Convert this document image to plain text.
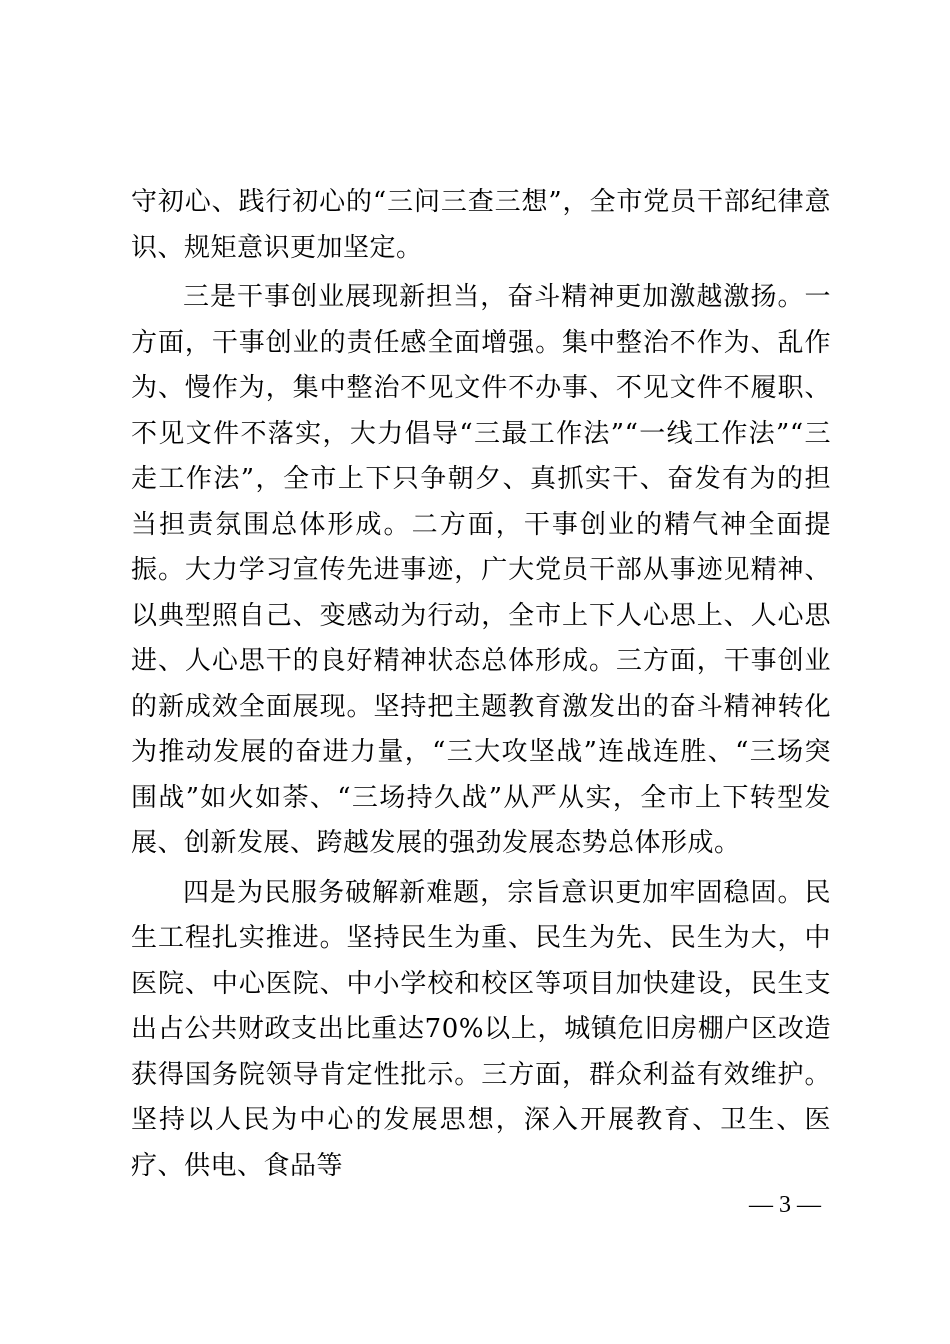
守初心、践行初心的“三问三查三想”，全市党员干部纪律意识、规矩意识更加坚定。

三是干事创业展现新担当，奋斗精神更加激越激扬。一方面，干事创业的责任感全面增强。集中整治不作为、乱作为、慢作为，集中整治不见文件不办事、不见文件不履职、不见文件不落实，大力倡导“三最工作法”“一线工作法”“三走工作法”，全市上下只争朝夕、真抓实干、奋发有为的担当担责氛围总体形成。二方面，干事创业的精气神全面提振。大力学习宣传先进事迹，广大党员干部从事迹见精神、以典型照自己、变感动为行动，全市上下人心思上、人心思进、人心思干的良好精神状态总体形成。三方面，干事创业的新成效全面展现。坚持把主题教育激发出的奋斗精神转化为推动发展的奋进力量，“三大攻坚战”连战连胜、“三场突围战”如火如荼、“三场持久战”从严从实，全市上下转型发展、创新发展、跨越发展的强劲发展态势总体形成。

四是为民服务破解新难题，宗旨意识更加牢固稳固。民生工程扎实推进。坚持民生为重、民生为先、民生为大，中医院、中心医院、中小学校和校区等项目加快建设，民生支出占公共财政支出比重达70%以上，城镇危旧房棚户区改造获得国务院领导肯定性批示。三方面，群众利益有效维护。坚持以人民为中心的发展思想，深入开展教育、卫生、医疗、供电、食品等

— 3 —
